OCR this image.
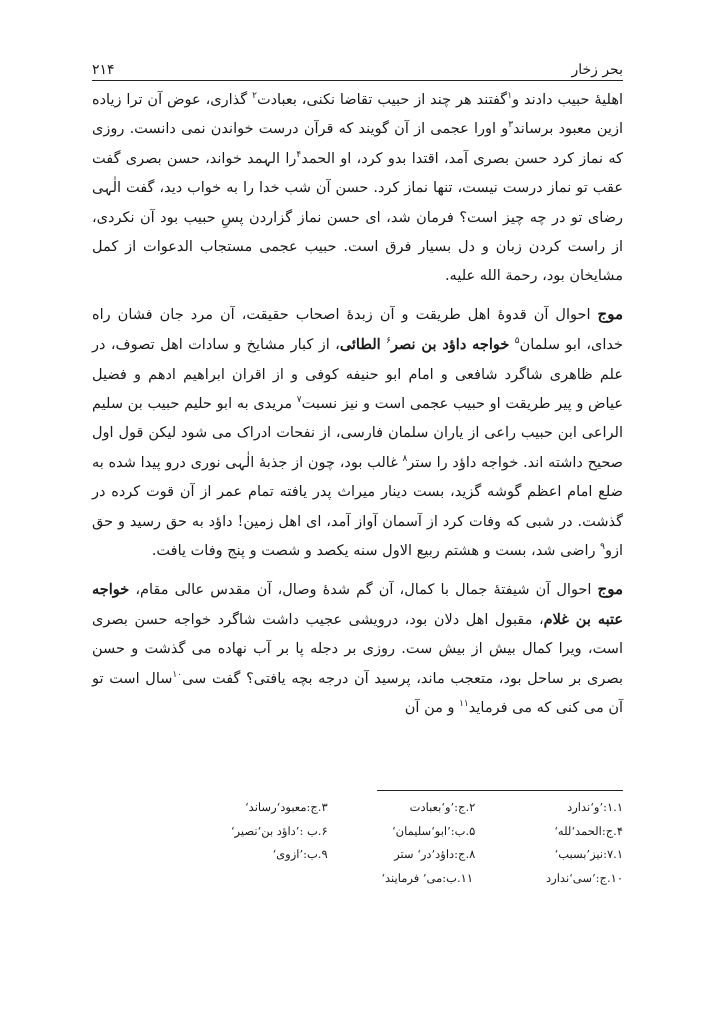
۲۱۴	بحر زخار

اهلیهٔ حبیب دادند و$^۱$گفتند هر چند از حبیب تقاضا نکنی، بعبادت$^۲$ گذاری، عوض آن ترا زیاده ازین معبود برساند$^۳$و اورا عجمی از آن گویند که قرآن درست خواندن نمی دانست. روزی که نماز کرد حسن بصری آمد، اقتدا بدو کرد، او الحمد$^۴$را الہمد خواند، حسن بصری گفت عقب تو نماز درست نیست، تنها نماز کرد. حسن آن شب خدا را به خواب دید، گفت الٰہی رضای تو در چه چیز است؟ فرمان شد، ای حسن نماز گزاردن پسِ حبیب بود آن نکردی، از راست کردن زبان و دل بسیار فرق است. حبیب عجمی مستجاب الدعوات از کمل مشایخان بود، رحمة الله علیه.

موج احوال آن قدوهٔ اهل طریقت و آن زبدهٔ اصحاب حقیقت، آن مرد جان فشان راه خدای، ابو سلمان$^۵$ خواجه داؤد بن نصر$^۶$ الطائی، از کبار مشایخ و سادات اهل تصوف، در علم ظاهری شاگرد شافعی و امام ابو حنیفه کوفی و از اقران ابراهیم ادهم و فضیل عیاض و پیر طریقت او حبیب عجمی است و نیز نسبت$^۷$ مریدی به ابو حلیم حبیب بن سلیم الراعی ابن حبیب راعی از یاران سلمان فارسی، از نفحات ادراک می شود لیکن قول اول صحیح داشته اند. خواجه داؤد را ستر$^۸$ غالب بود، چون از جذبهٔ الٰہی نوری درو پیدا شده به ضلع امام اعظم گوشه گزید، بست دینار میراث پدر یافته تمام عمر از آن قوت کرده در گذشت. در شبی که وفات کرد از آسمان آواز آمد، ای اهل زمین! داؤد به حق رسید و حق ازو$^۹$ راضی شد، بست و هشتم ربیع الاول سنه یکصد و شصت و پنج وفات یافت.

موج احوال آن شیفتهٔ جمال با کمال، آن گم شدهٔ وصال، آن مقدس عالی مقام، خواجه عتبه بن غلام، مقبول اهل دلان بود، درویشی عجیب داشت شاگرد خواجه حسن بصری است، ویرا کمال بیش از بیش ست. روزی بر دجله پا بر آب نهاده می گذشت و حسن بصری بر ساحل بود، متعجب ماند، پرسید آن درجه بچه یافتی؟ گفت سی$^{۱۰}$سال است تو آن می کنی که می فرماید$^{۱۱}$ و من آن

۱.۱:’و‘ندارد
۲.ج:’و‘بعبادت
۳.ج:معبود‘رساند‘
۴.ج:الحمد‘لله‘
۵.ب:’ابو‘سلیمان‘
۶.ب :’داؤد بن‘نصیر‘
۷.۱:نیز’بسبب‘
۸.ج:داؤد’در‘ ستر
۹.ب:’ازوی‘
۱۰.ج:’سی‘ندارد
۱۱.ب:می’ فرمایند‘
